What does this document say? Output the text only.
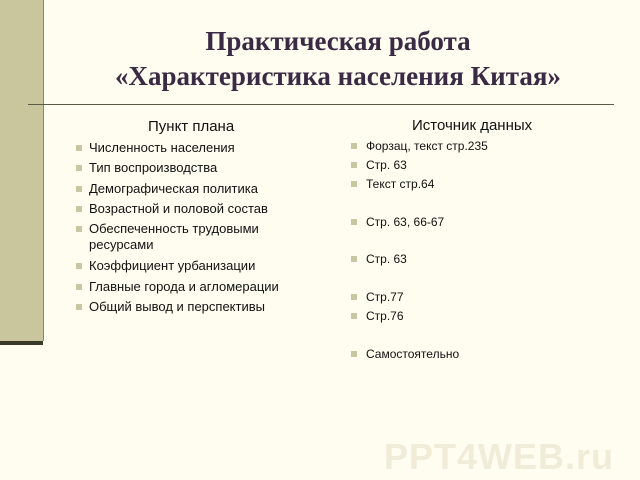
Практическая работа
«Характеристика населения Китая»
Пункт плана	Источник данных
Численность населения
Тип воспроизводства
Демографическая политика
Возрастной и половой состав
Обеспеченность трудовыми ресурсами
Коэффициент урбанизации
Главные города и агломерации
Общий вывод и перспективы
Форзац, текст стр.235
Стр. 63
Текст стр.64
Стр. 63, 66-67
Стр. 63
Стр.77
Стр.76
Самостоятельно
PPT4WEB.ru
